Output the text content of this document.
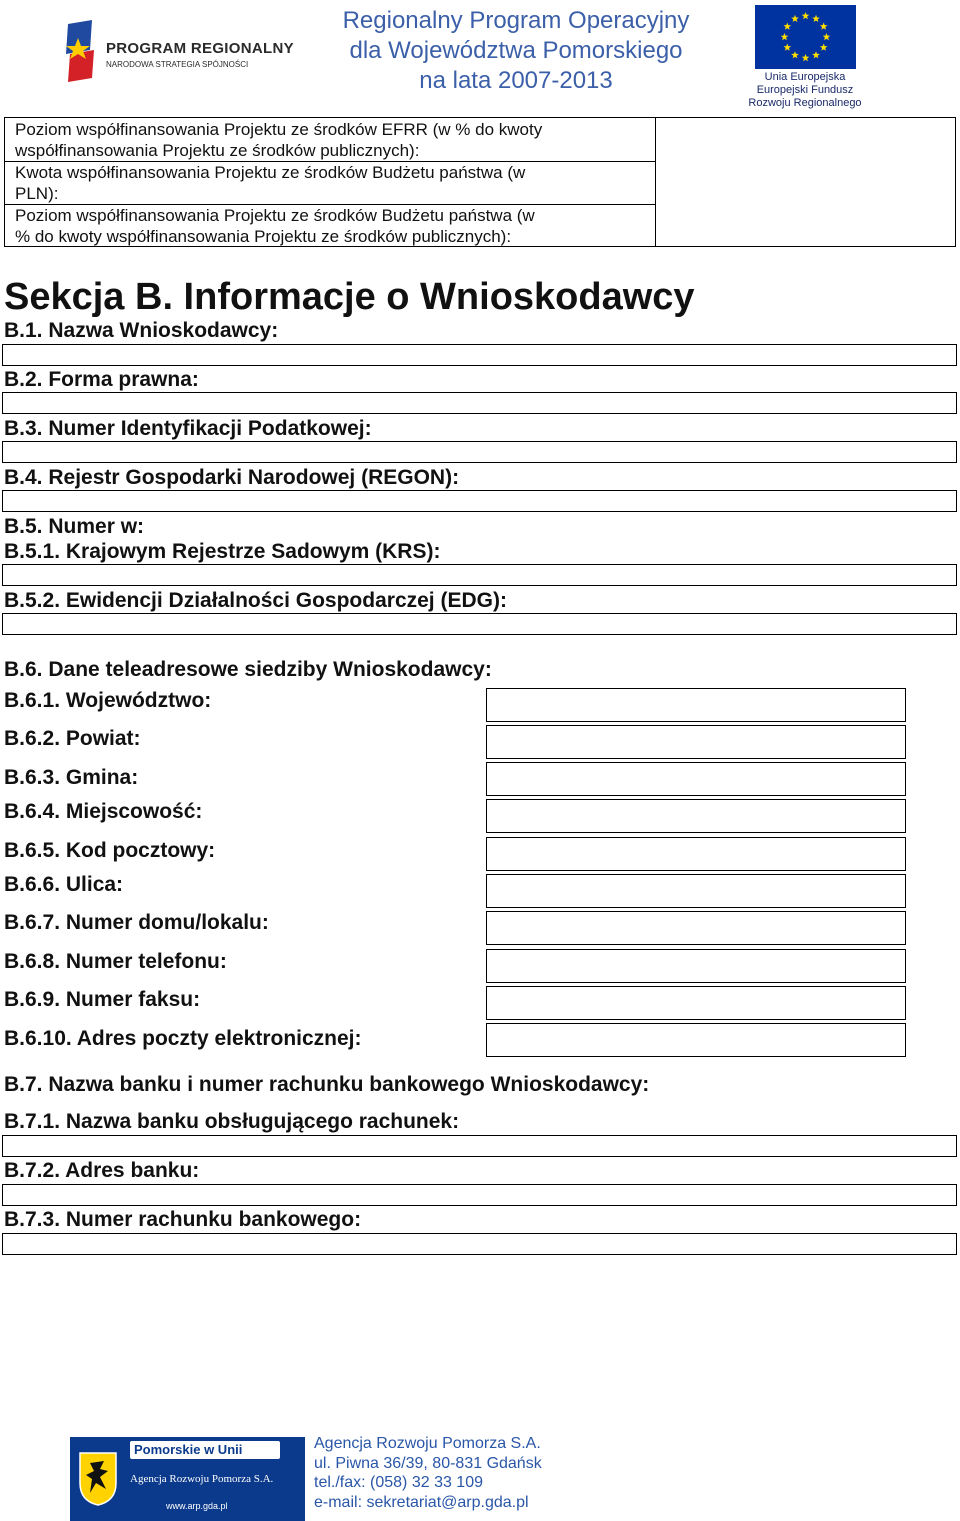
PROGRAM REGIONALNY
NARODOWA STRATEGIA SPÓJNOŚCI
Regionalny Program Operacyjny
dla Województwa Pomorskiego
na lata 2007-2013	Unia Europejska
Europejski Fundusz
Rozwoju Regionalnego
Poziom współfinansowania Projektu ze środków EFRR (w % do kwoty
współfinansowania Projektu ze środków publicznych):
Kwota współfinansowania Projektu ze środków Budżetu państwa (w
PLN):
Poziom współfinansowania Projektu ze środków Budżetu państwa (w
% do kwoty współfinansowania Projektu ze środków publicznych):
Sekcja B. Informacje o Wnioskodawcy
B.1. Nazwa Wnioskodawcy:
B.2. Forma prawna:
B.3. Numer Identyfikacji Podatkowej:
B.4. Rejestr Gospodarki Narodowej (REGON):
B.5. Numer w:
B.5.1. Krajowym Rejestrze Sadowym (KRS):
B.5.2. Ewidencji Działalności Gospodarczej (EDG):
B.6. Dane teleadresowe siedziby Wnioskodawcy:
B.6.1. Województwo:
B.6.2. Powiat:
B.6.3. Gmina:
B.6.4. Miejscowość:
B.6.5. Kod pocztowy:
B.6.6. Ulica:
B.6.7. Numer domu/lokalu:
B.6.8. Numer telefonu:
B.6.9. Numer faksu:
B.6.10. Adres poczty elektronicznej:
B.7. Nazwa banku i numer rachunku bankowego Wnioskodawcy:
B.7.1. Nazwa banku obsługującego rachunek:
B.7.2. Adres banku:
B.7.3. Numer rachunku bankowego:
Pomorskie w Unii
Agencja Rozwoju Pomorza S.A.
www.arp.gda.pl
Agencja Rozwoju Pomorza S.A.
ul. Piwna 36/39, 80-831 Gdańsk
tel./fax: (058) 32 33 109
e-mail: sekretariat@arp.gda.pl
